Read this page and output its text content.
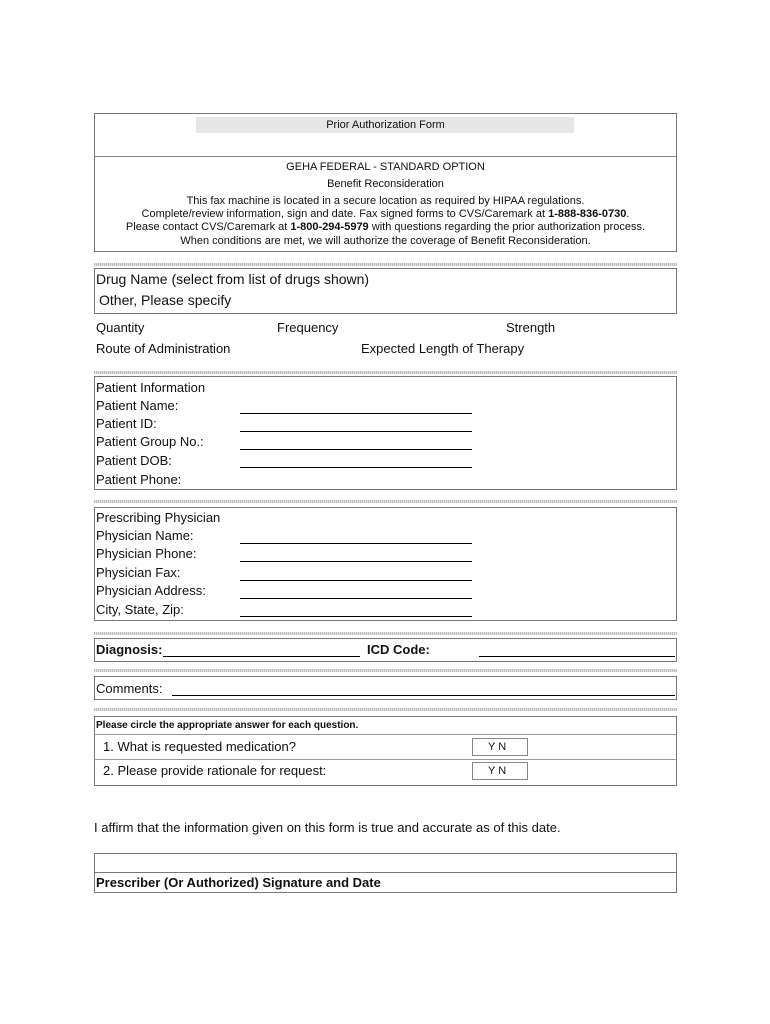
Prior Authorization Form
GEHA FEDERAL - STANDARD OPTION
Benefit Reconsideration
This fax machine is located in a secure location as required by HIPAA regulations.
Complete/review information, sign and date. Fax signed forms to CVS/Caremark at 1-888-836-0730.
Please contact CVS/Caremark at 1-800-294-5979 with questions regarding the prior authorization process.
When conditions are met, we will authorize the coverage of Benefit Reconsideration.
Drug Name (select from list of drugs shown)
Other, Please specify
Quantity	Frequency	Strength
Route of Administration	Expected Length of Therapy
Patient Information
Patient Name:
Patient ID:
Patient Group No.:
Patient DOB:
Patient Phone:
Prescribing Physician
Physician Name:
Physician Phone:
Physician Fax:
Physician Address:
City, State, Zip:
Diagnosis:	ICD Code:
Comments:
Please circle the appropriate answer for each question.
1. What is requested medication?	Y N
2. Please provide rationale for request:	Y N
I affirm that the information given on this form is true and accurate as of this date.
Prescriber (Or Authorized) Signature and Date
